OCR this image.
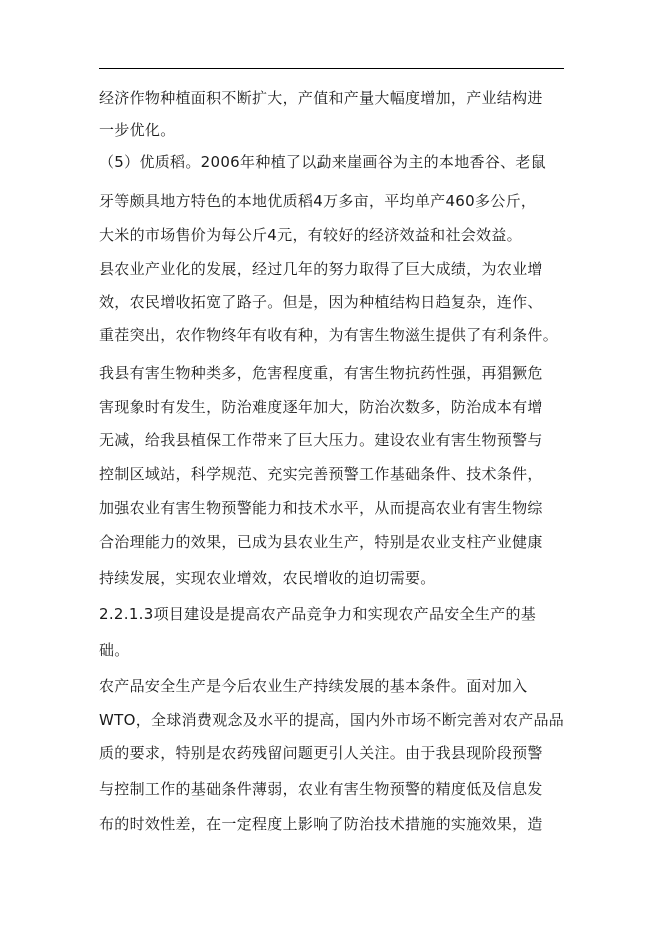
经济作物种植面积不断扩大，产值和产量大幅度增加，产业结构进
一步优化。
（5）优质稻。2006年种植了以勐来崖画谷为主的本地香谷、老鼠
牙等颇具地方特色的本地优质稻4万多亩，平均单产460多公斤，
大米的市场售价为每公斤4元，有较好的经济效益和社会效益。
县农业产业化的发展，经过几年的努力取得了巨大成绩，为农业增
效，农民增收拓宽了路子。但是，因为种植结构日趋复杂，连作、
重茬突出，农作物终年有收有种，为有害生物滋生提供了有利条件。
我县有害生物种类多，危害程度重，有害生物抗药性强，再猖獗危
害现象时有发生，防治难度逐年加大，防治次数多，防治成本有增
无减，给我县植保工作带来了巨大压力。建设农业有害生物预警与
控制区域站，科学规范、充实完善预警工作基础条件、技术条件，
加强农业有害生物预警能力和技术水平，从而提高农业有害生物综
合治理能力的效果，已成为县农业生产，特别是农业支柱产业健康
持续发展，实现农业增效，农民增收的迫切需要。
2.2.1.3项目建设是提高农产品竞争力和实现农产品安全生产的基
础。
农产品安全生产是今后农业生产持续发展的基本条件。面对加入
WTO，全球消费观念及水平的提高，国内外市场不断完善对农产品品
质的要求，特别是农药残留问题更引人关注。由于我县现阶段预警
与控制工作的基础条件薄弱，农业有害生物预警的精度低及信息发
布的时效性差，在一定程度上影响了防治技术措施的实施效果，造
